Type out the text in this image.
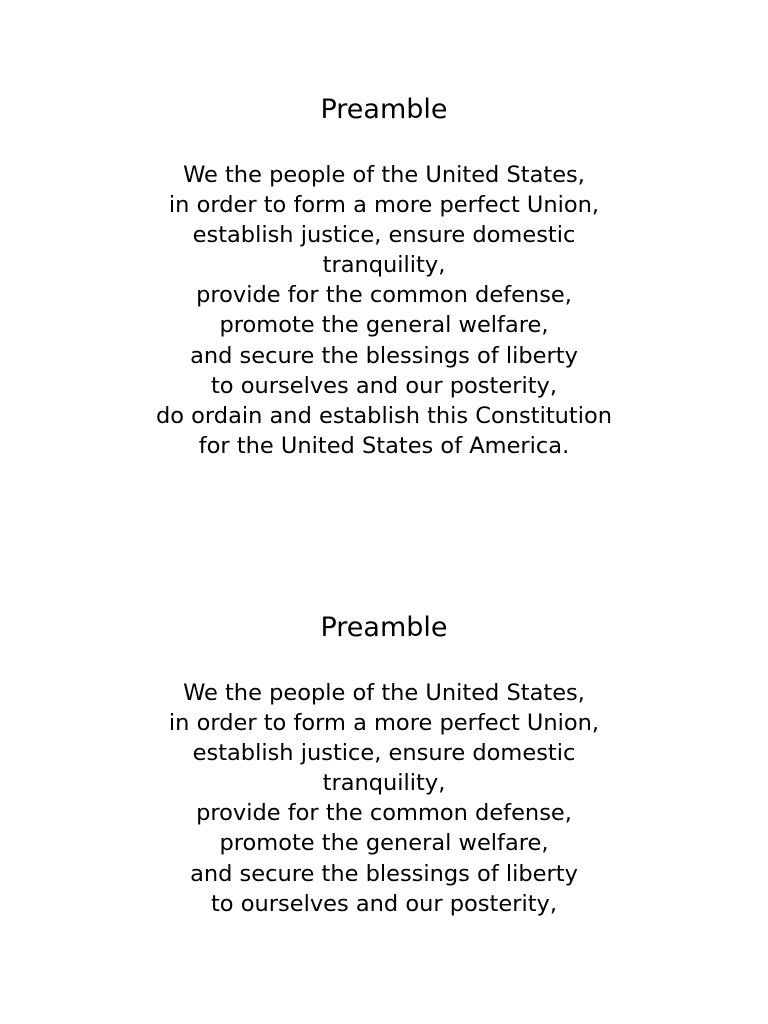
Preamble
We the people of the United States,
in order to form a more perfect Union,
establish justice, ensure domestic
tranquility,
provide for the common defense,
promote the general welfare,
and secure the blessings of liberty
to ourselves and our posterity,
do ordain and establish this Constitution
for the United States of America.
Preamble
We the people of the United States,
in order to form a more perfect Union,
establish justice, ensure domestic
tranquility,
provide for the common defense,
promote the general welfare,
and secure the blessings of liberty
to ourselves and our posterity,
